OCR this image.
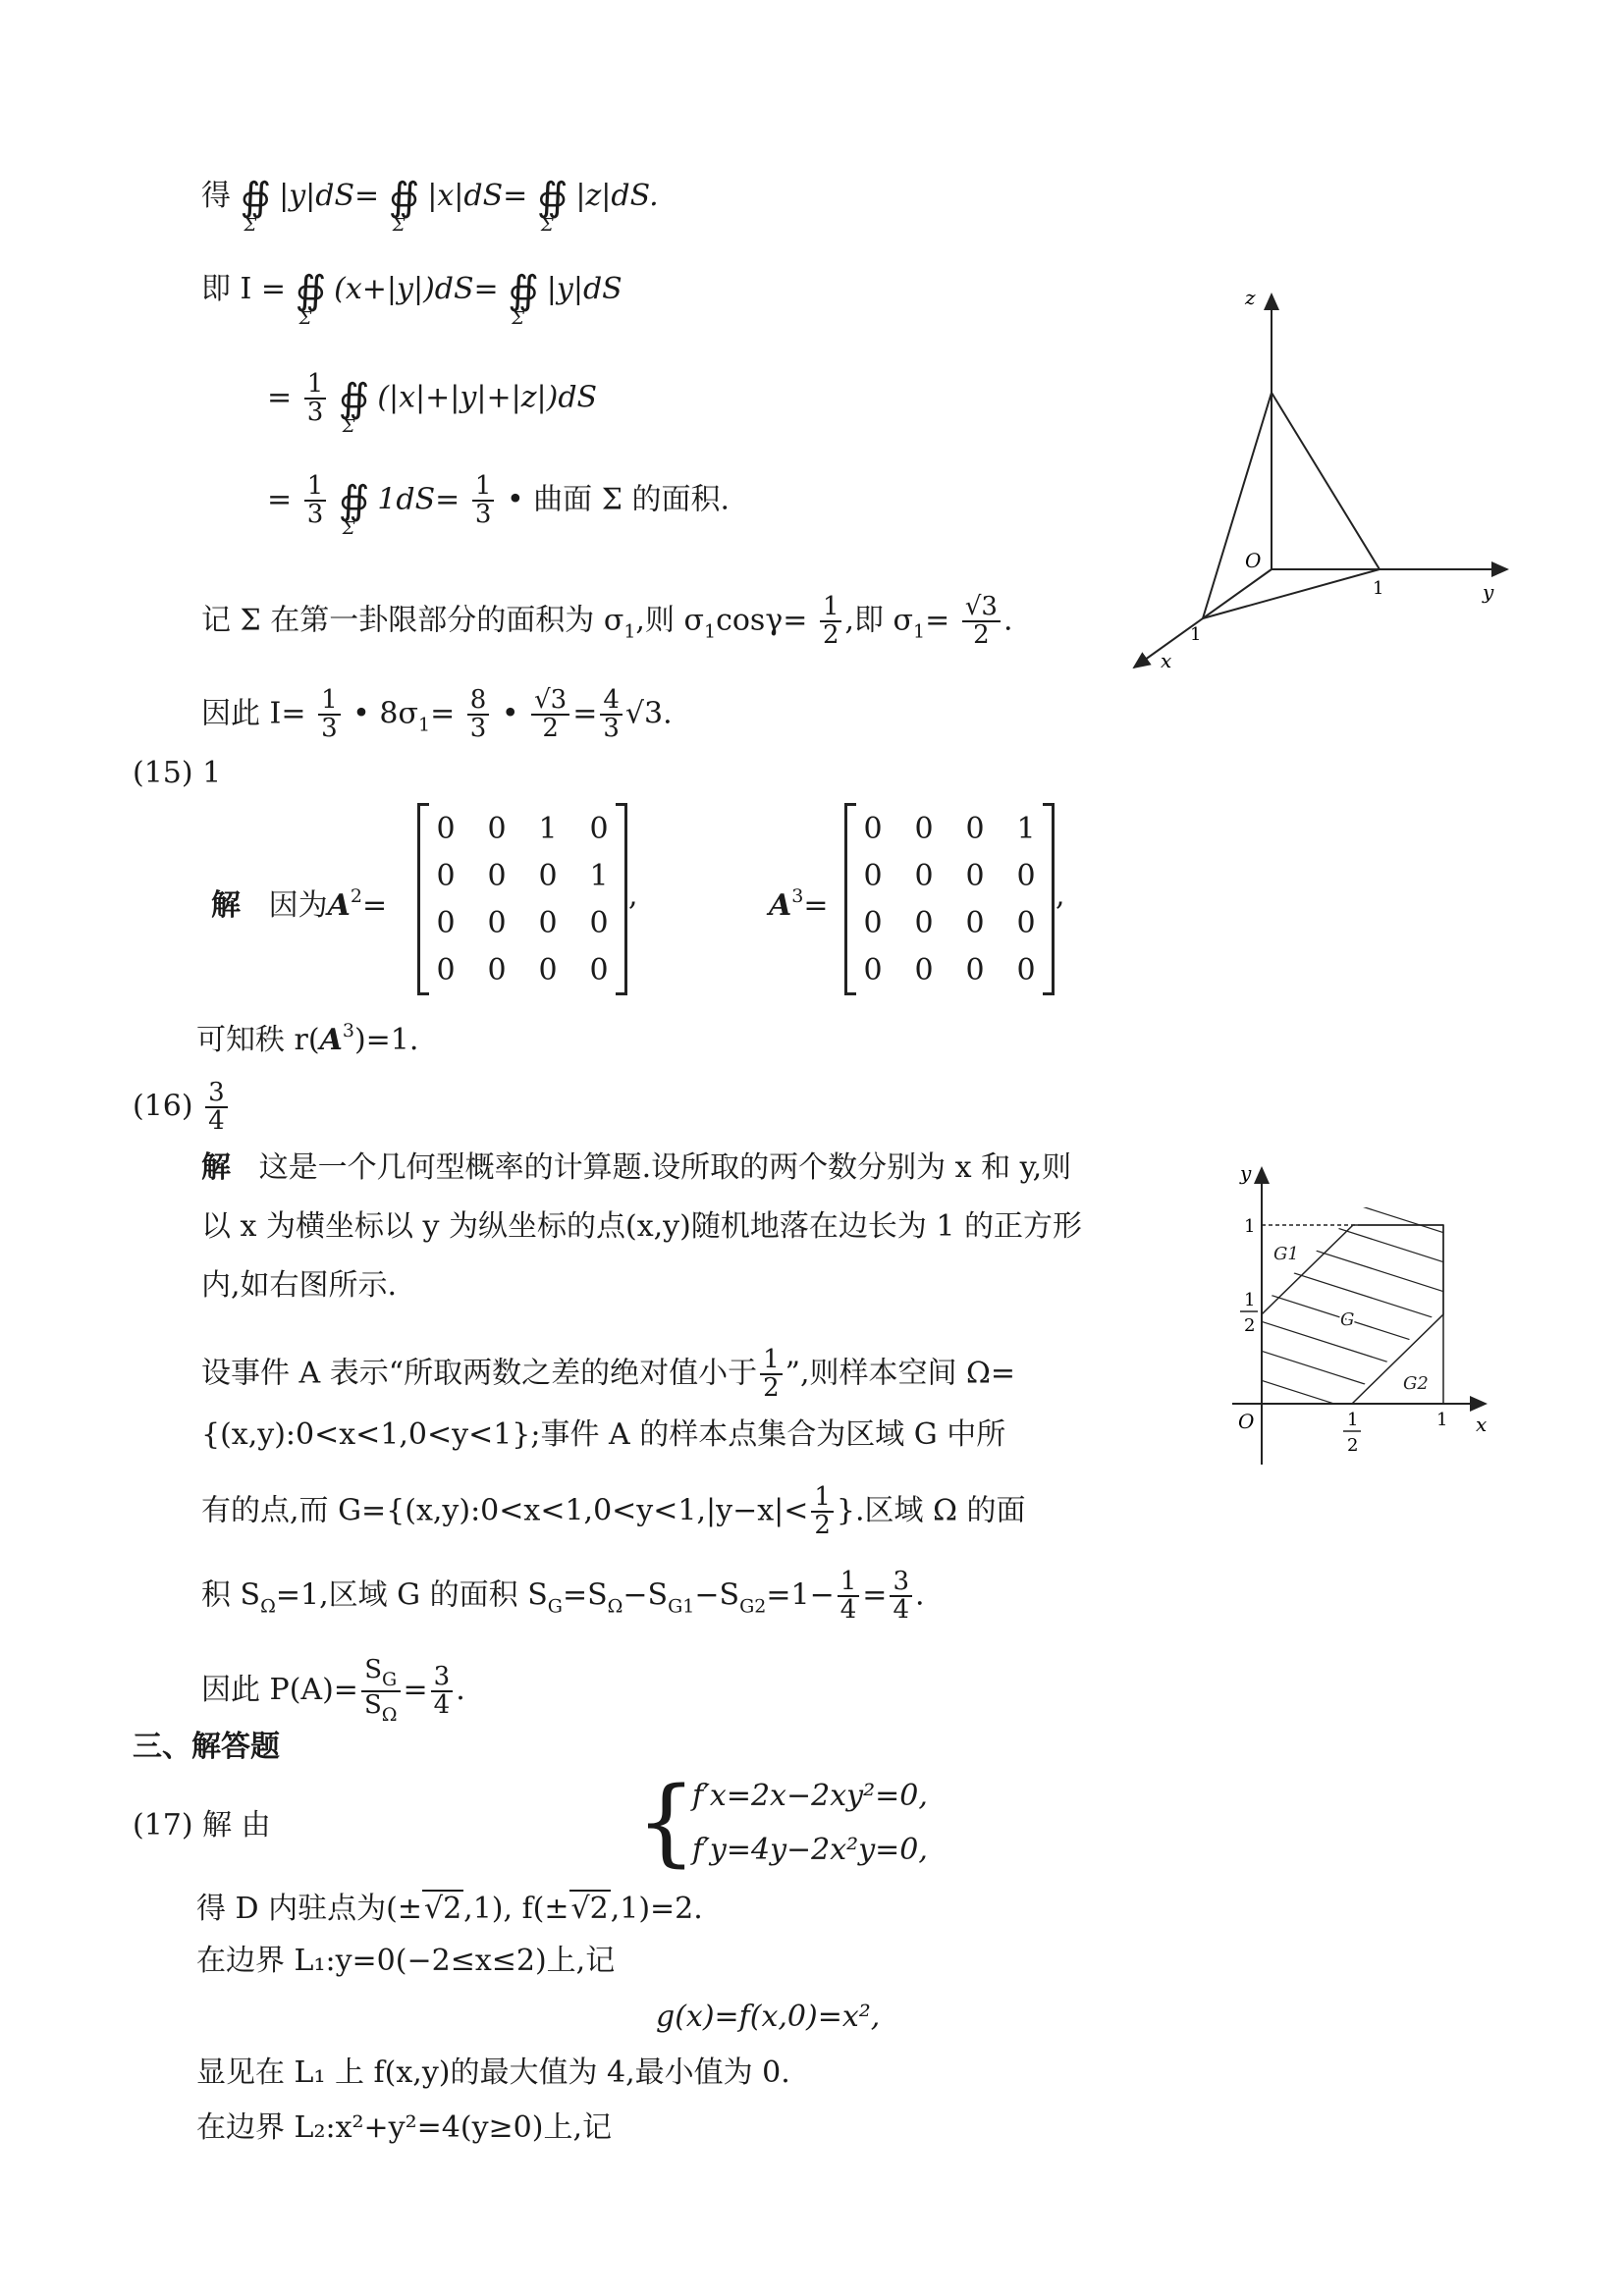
得 ∯
Σ
|y|dS= ∯
Σ
|x|dS= ∯
Σ
|z|dS.
即 I = ∯
Σ
(x+|y|)dS= ∯
Σ
|y|dS
= $\frac{1}{3}$ ∯
Σ
(|x|+|y|+|z|)dS
= $\frac{1}{3}$ ∯
Σ
$1dS= \frac{1}{3}$ • 曲面 Σ 的面积.
记 Σ 在第一卦限部分的面积为 $\sigma_1$,则 $\sigma_1\cos\gamma= \frac{1}{2}$ ,即 $\sigma_1= \frac{√3}{2}$ .
因此 $I= \frac{1}{3}$ • $8\sigma_1= \frac{8}{3}$ • $\frac{√3}{2} = \frac{4}{3} √3$.
z
y
x
O
1
1
(15) 1
解 因为$A^2=$
0	0	1	0
0	0	0	1
0	0	0	0
0	0	0	0
,	$A^3=$
0	0	0	1
0	0	0	0
0	0	0	0
0	0	0	0
,
可知秩 $r(A^3)=1$.
$(16) \frac{3}{4}$
解 这是一个几何型概率的计算题.设所取的两个数分别为 x 和 y,则
以 x 为横坐标以 y 为纵坐标的点(x,y)随机地落在边长为 1 的正方形
内,如右图所示.
设事件 A 表示“所取两数之差的绝对值小于 $\frac{1}{2}$ ”,则样本空间 Ω=
{(x,y):0<x<1,0<y<1};事件 A 的样本点集合为区域 G 中所
有的点,而 G={(x,y):0<x<1,0<y<1,|y−x|< $\frac{1}{2}$ }.区域 Ω 的面
积 $S_\Omega=1$,区域 G 的面积 $S_G=S_\Omega-S_{G1}-S_{G2}=1- \frac{1}{4} = \frac{3}{4}$ .
因此 $P(A)= \frac{S_G}{S_\Omega} = \frac{3}{4}$ .
y
x
O
1
1
2
1
2
1
G1
G
G2
三、解答题
(17) 解 由	{
f′x=2x−2xy²=0,
f′y=4y−2x²y=0,
得 D 内驻点为(±√2,1), f(±√2,1)=2.
在边界 L₁:y=0(−2≤x≤2)上,记
g(x)=f(x,0)=x²,
显见在 L₁ 上 f(x,y)的最大值为 4,最小值为 0.
在边界 L₂:x²+y²=4(y≥0)上,记
